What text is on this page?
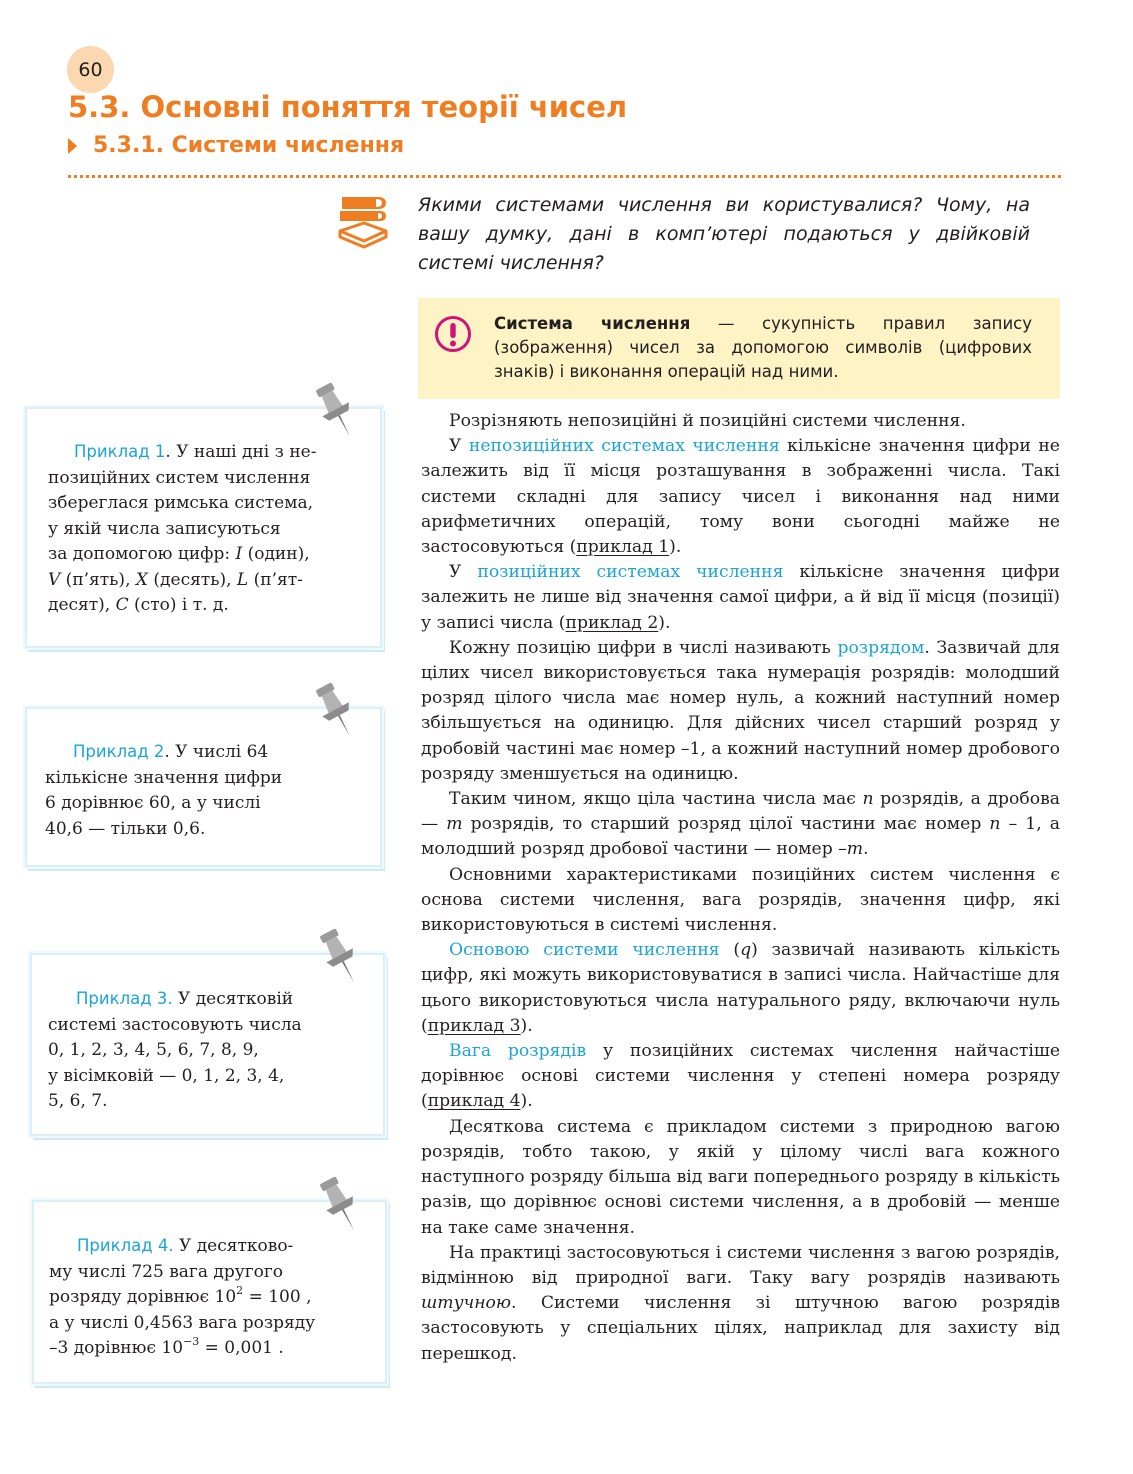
60
5.3. Основні поняття теорії чисел
5.3.1. Системи числення
Якими системами числення ви користувалися? Чому, на вашу думку, дані в комп’ютері подаються у двійковій системі числення?
Система числення — сукупність правил запису (зображення) чисел за допомогою символів (цифрових знаків) і виконання операцій над ними.

Розрізняють непозиційні й позиційні системи числення.

У непозиційних системах числення кількісне значення цифри не залежить від її місця розташування в зображенні числа. Такі системи складні для запису чисел і виконання над ними арифметичних операцій, тому вони сьогодні майже не застосовуються (приклад 1).

У позиційних системах числення кількісне значення цифри залежить не лише від значення самої цифри, а й від її місця (позиції) у записі числа (приклад 2).

Кожну позицію цифри в числі називають розрядом. Зазвичай для цілих чисел використовується така нумерація розрядів: молодший розряд цілого числа має номер нуль, а кожний наступний номер збільшується на одиницю. Для дійсних чисел старший розряд у дробовій частині має номер –1, а кожний наступний номер дробового розряду зменшується на одиницю.

Таким чином, якщо ціла частина числа має n розрядів, а дробова — m розрядів, то старший розряд цілої частини має номер n – 1, а молодший розряд дробової частини — номер –m.

Основними характеристиками позиційних систем числення є основа системи числення, вага розрядів, значення цифр, які використовуються в системі числення.

Основою системи числення (q) зазвичай називають кількість цифр, які можуть використовуватися в записі числа. Найчастіше для цього використовуються числа натурального ряду, включаючи нуль (приклад 3).

Вага розрядів у позиційних системах числення найчастіше дорівнює основі системи числення у степені номера розряду (приклад 4).

Десяткова система є прикладом системи з природною вагою розрядів, тобто такою, у якій у цілому числі вага кожного наступного розряду більша від ваги попереднього розряду в кількість разів, що дорівнює основі системи числення, а в дробовій — менше на таке саме значення.

На практиці застосовуються і системи числення з вагою розрядів, відмінною від природної ваги. Таку вагу розрядів називають штучною. Системи числення зі штучною вагою розрядів застосовують у спеціальних цілях, наприклад для захисту від перешкод.

Приклад 1. У наші дні з не-
позиційних систем числення
збереглася римська система,
у якій числа записуються
за допомогою цифр: I (один),
V (п’ять), X (десять), L (п’ят-
десят), C (сто) і т. д.
Приклад 2. У числі 64
кількісне значення цифри
6 дорівнює 60, а у числі
40,6 — тільки 0,6.
Приклад 3. У десятковій
системі застосовують числа
0, 1, 2, 3, 4, 5, 6, 7, 8, 9,
у вісімковій — 0, 1, 2, 3, 4,
5, 6, 7.
Приклад 4. У десятково-
му числі 725 вага другого
розряду дорівнює $10^2 = 100$ ,
а у числі 0,4563 вага розряду
–3 дорівнює $10^{-3} = 0,001$ .
